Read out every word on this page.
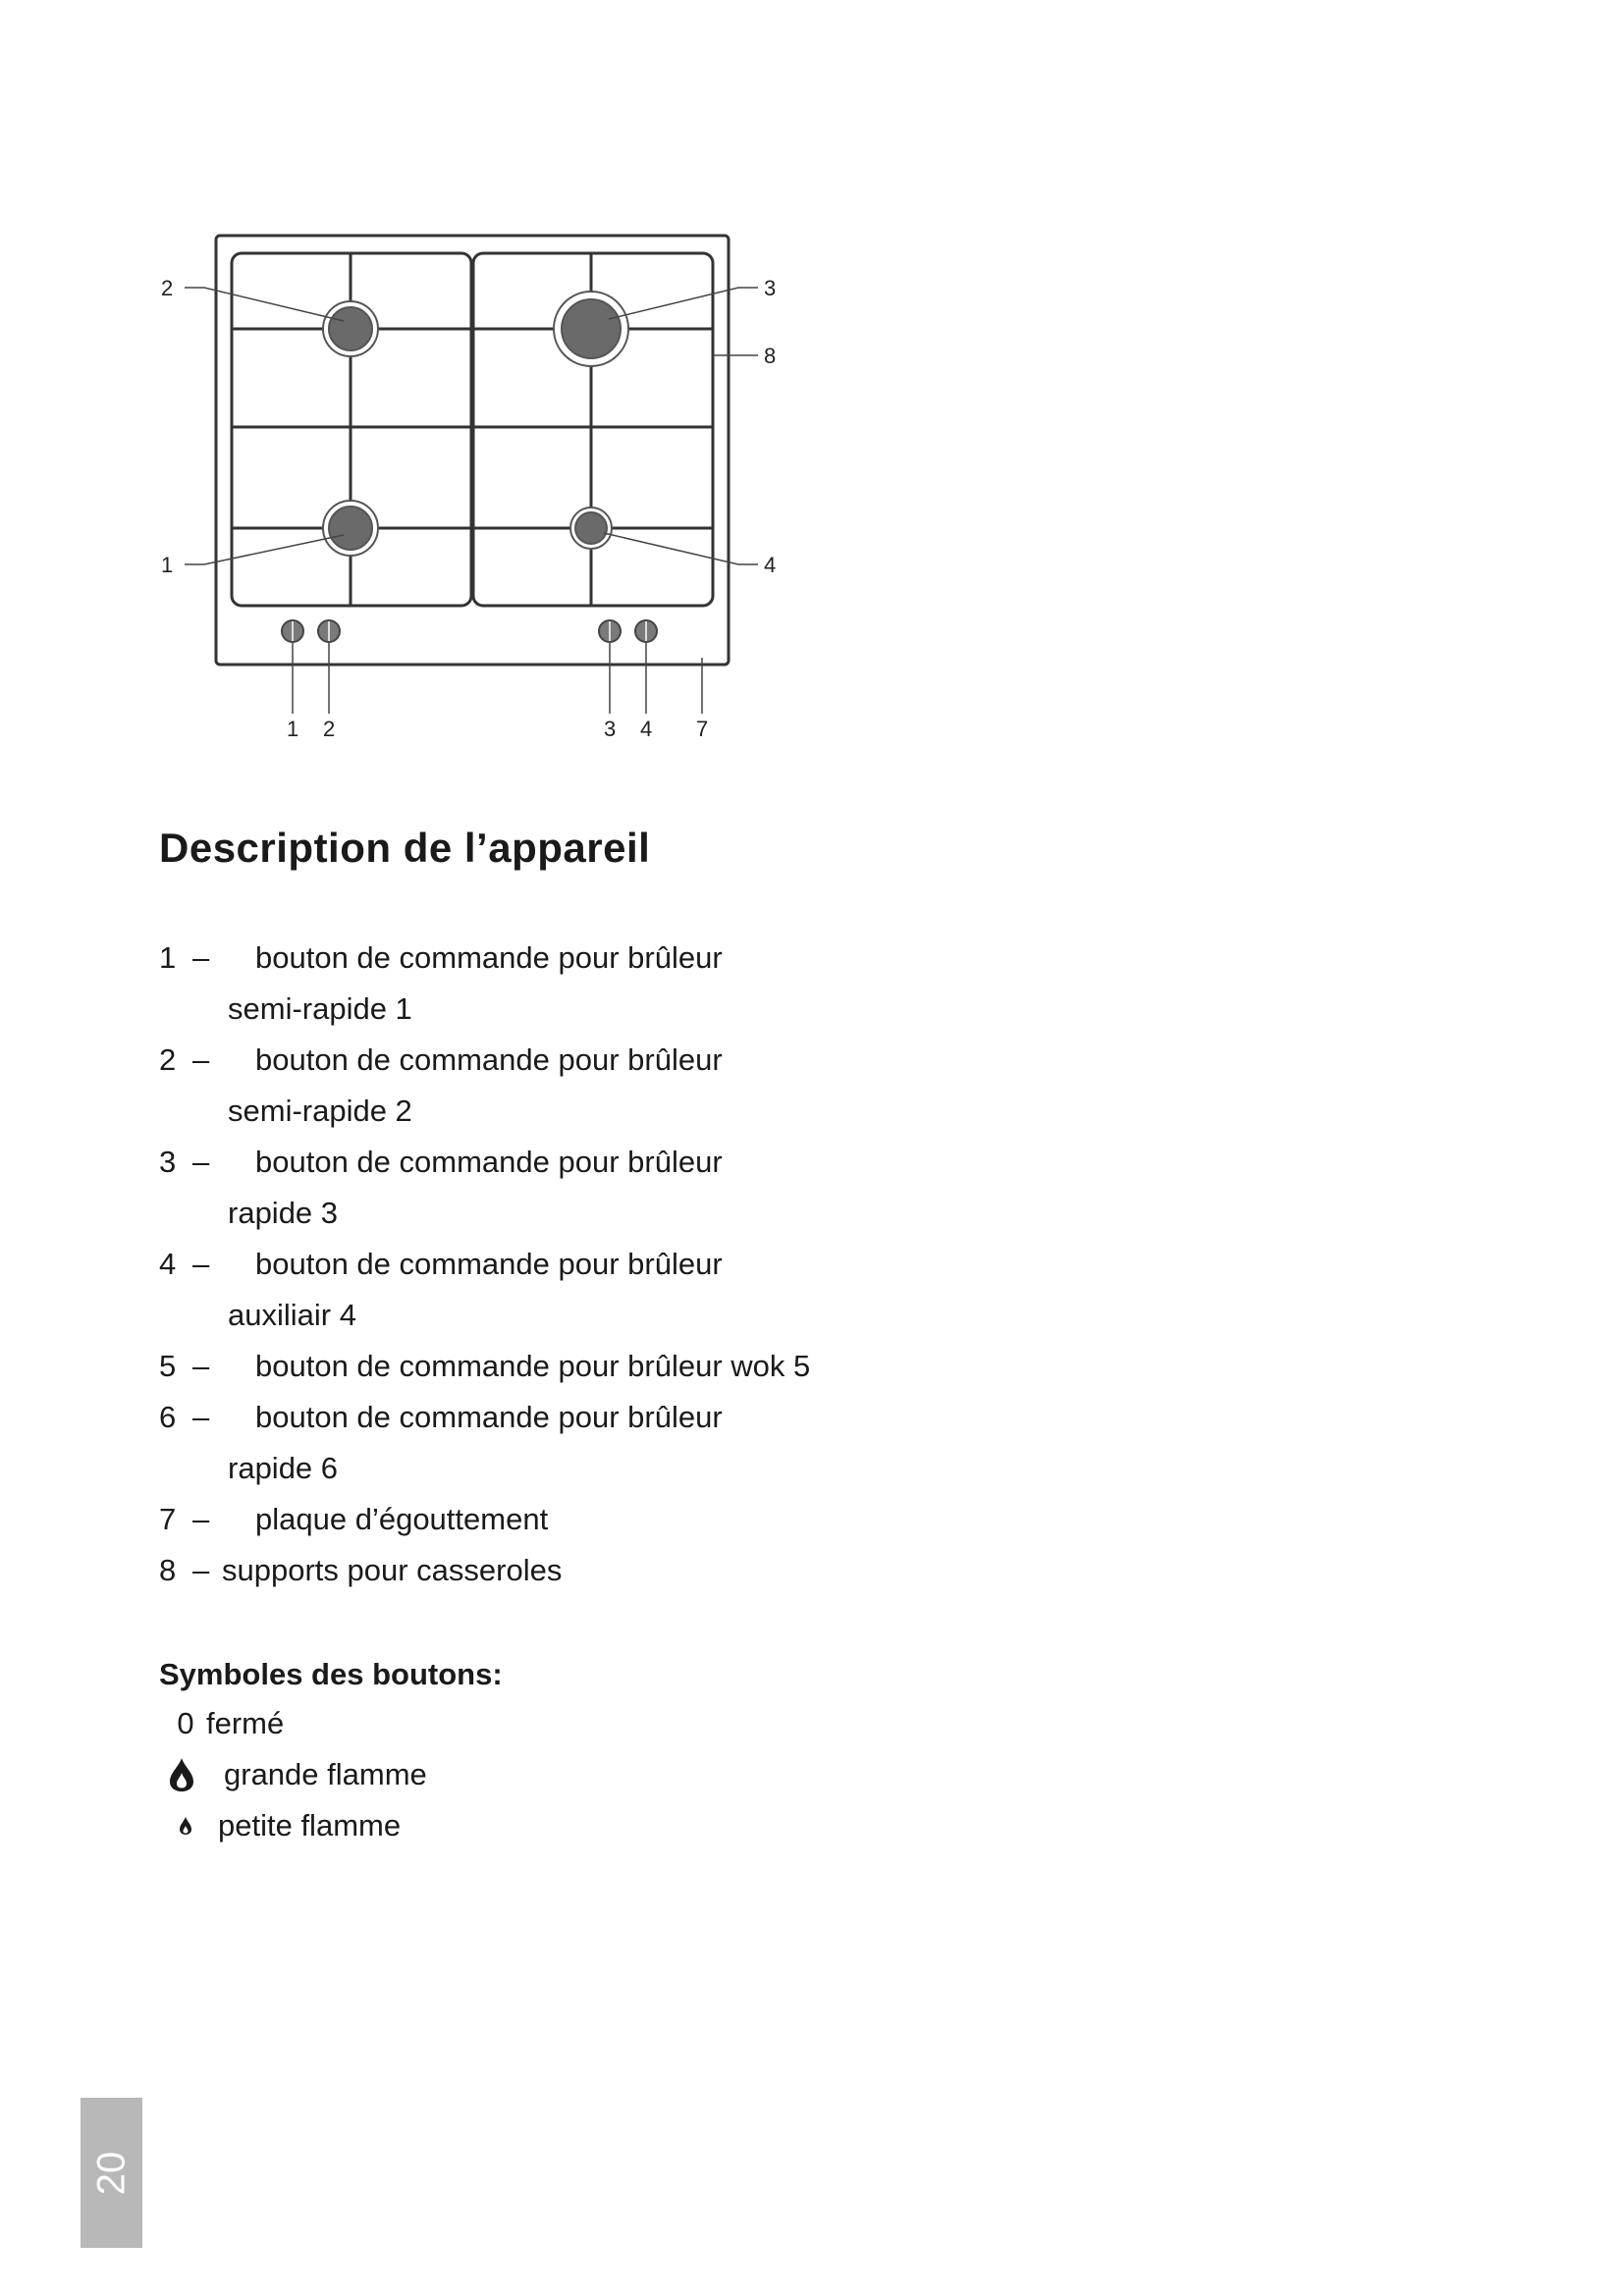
2
1
3
8
4
1 2	3 4 7
Description de l’appareil
1 – bouton de commande pour brûleur
semi-rapide 1
2 – bouton de commande pour brûleur
semi-rapide 2
3 – bouton de commande pour brûleur
rapide 3
4 – bouton de commande pour brûleur
auxiliair 4
5 – bouton de commande pour brûleur wok 5
6 – bouton de commande pour brûleur
rapide 6
7 – plaque d’égouttement
8 – supports pour casseroles
Symboles des boutons:
0 fermé
grande flamme
petite flamme
20
